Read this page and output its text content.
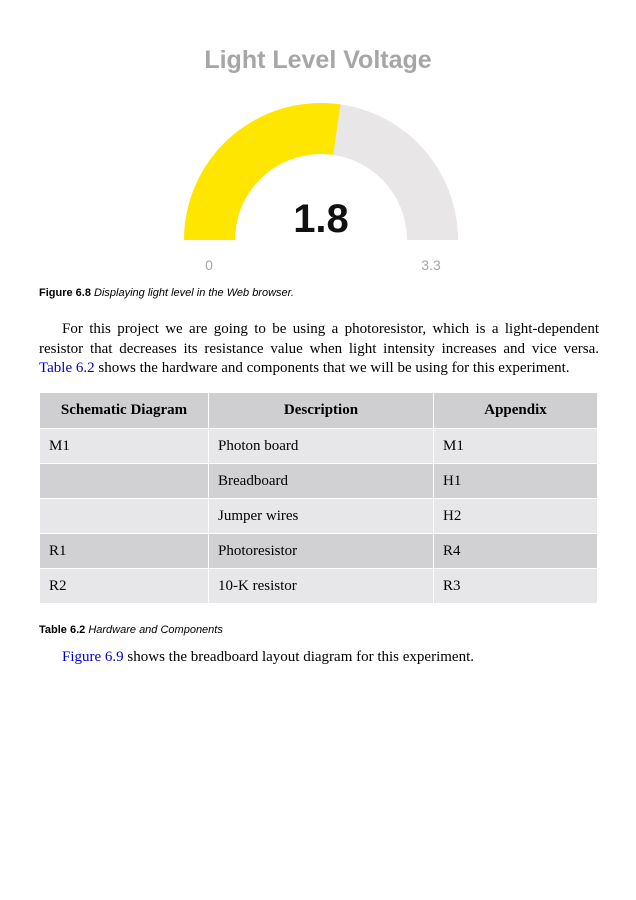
Light Level Voltage
1.8
0	3.3
Figure 6.8 Displaying light level in the Web browser.

For this project we are going to be using a photoresistor, which is a light-dependent resistor that decreases its resistance value when light intensity increases and vice versa. Table 6.2 shows the hardware and components that we will be using for this experiment.

Schematic Diagram	Description	Appendix
M1	Photon board	M1
	Breadboard	H1
	Jumper wires	H2
R1	Photoresistor	R4
R2	10-K resistor	R3
Table 6.2 Hardware and Components

Figure 6.9 shows the breadboard layout diagram for this experiment.
